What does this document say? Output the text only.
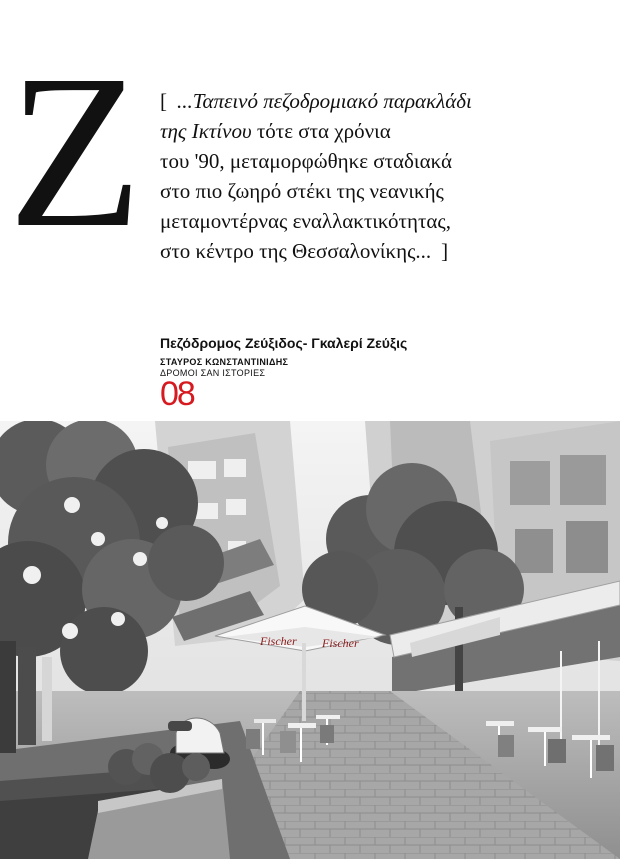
Z	[ ...Ταπεινό πεζοδρομιακό παρακλάδι
της Ικτίνου τότε στα χρόνια
του '90, μεταμορφώθηκε σταδιακά
στο πιο ζωηρό στέκι της νεανικής
μεταμοντέρνας εναλλακτικότητας,
στο κέντρο της Θεσσαλονίκης... ]
Πεζόδρομος Ζεύξιδος- Γκαλερί Ζεύξις
ΣΤΑΥΡΟΣ ΚΩΝΣΤΑΝΤΙΝΙΔΗΣ
ΔΡΟΜΟΙ ΣΑΝ ΙΣΤΟΡΙΕΣ
08
Fischer Fischer
